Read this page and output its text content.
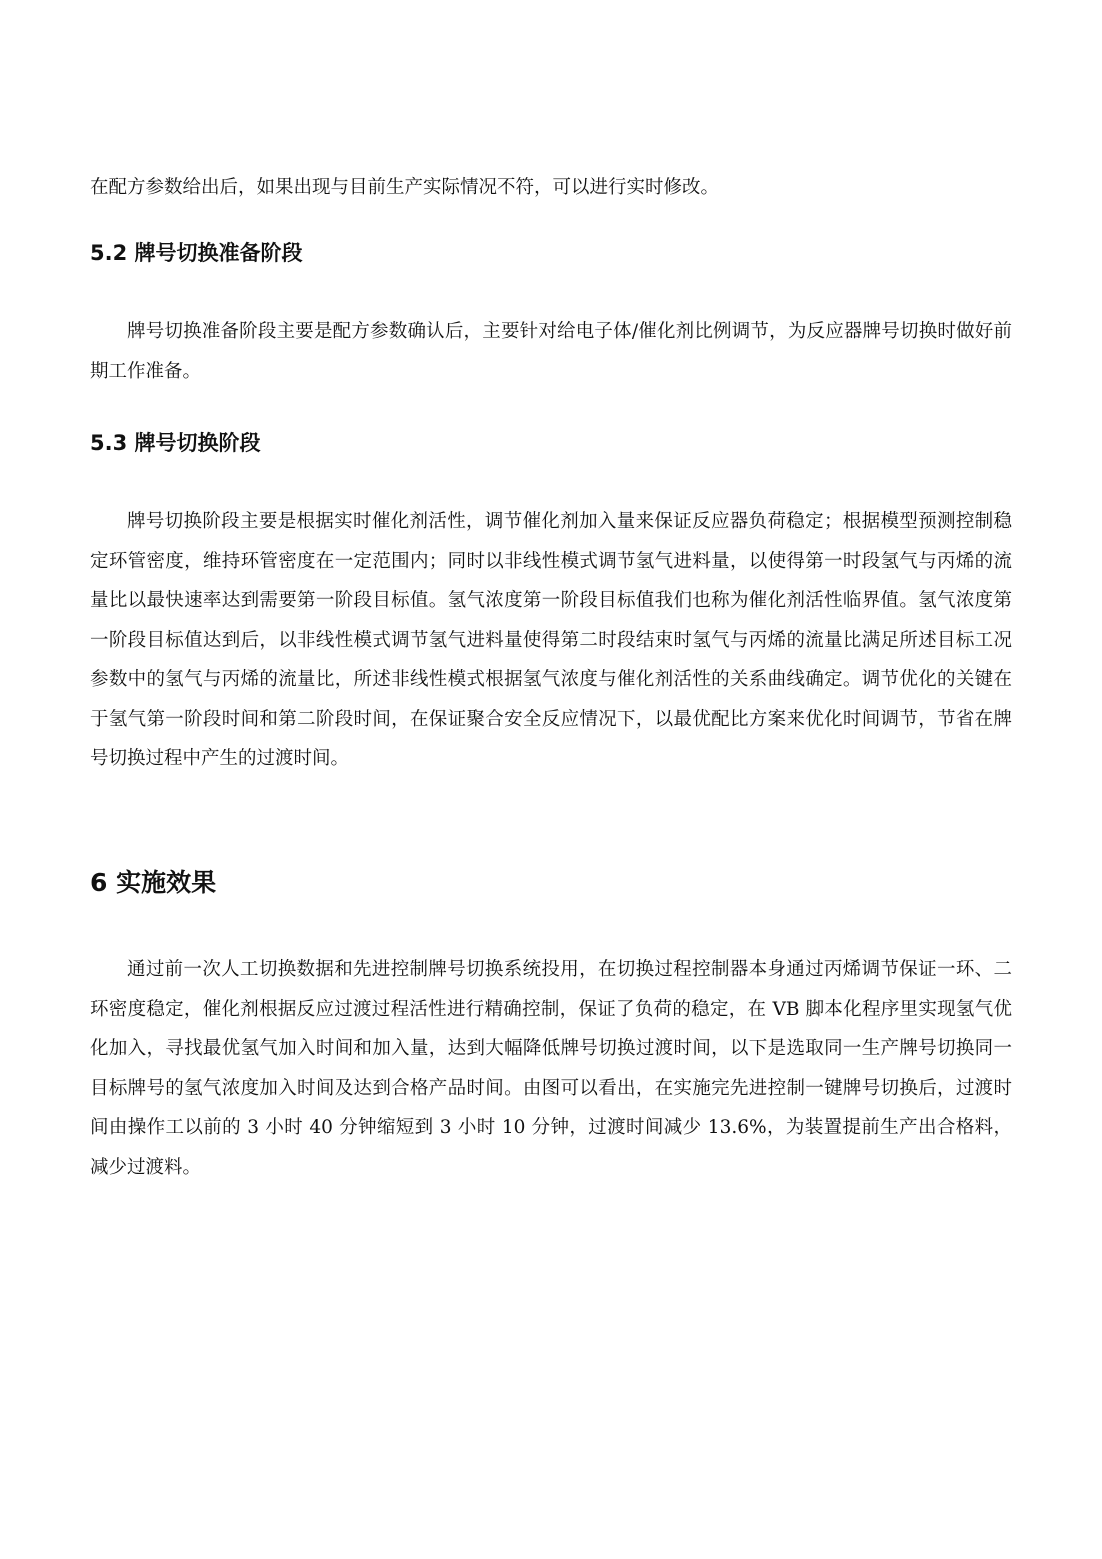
在配方参数给出后，如果出现与目前生产实际情况不符，可以进行实时修改。

5.2 牌号切换准备阶段

牌号切换准备阶段主要是配方参数确认后，主要针对给电子体/催化剂比例调节，为反应器牌号切换时做好前期工作准备。

5.3 牌号切换阶段

牌号切换阶段主要是根据实时催化剂活性，调节催化剂加入量来保证反应器负荷稳定；根据模型预测控制稳定环管密度，维持环管密度在一定范围内；同时以非线性模式调节氢气进料量，以使得第一时段氢气与丙烯的流量比以最快速率达到需要第一阶段目标值。氢气浓度第一阶段目标值我们也称为催化剂活性临界值。氢气浓度第一阶段目标值达到后，以非线性模式调节氢气进料量使得第二时段结束时氢气与丙烯的流量比满足所述目标工况参数中的氢气与丙烯的流量比，所述非线性模式根据氢气浓度与催化剂活性的关系曲线确定。调节优化的关键在于氢气第一阶段时间和第二阶段时间，在保证聚合安全反应情况下，以最优配比方案来优化时间调节，节省在牌号切换过程中产生的过渡时间。

6 实施效果

通过前一次人工切换数据和先进控制牌号切换系统投用，在切换过程控制器本身通过丙烯调节保证一环、二环密度稳定，催化剂根据反应过渡过程活性进行精确控制，保证了负荷的稳定，在 VB 脚本化程序里实现氢气优化加入，寻找最优氢气加入时间和加入量，达到大幅降低牌号切换过渡时间，以下是选取同一生产牌号切换同一目标牌号的氢气浓度加入时间及达到合格产品时间。由图可以看出，在实施完先进控制一键牌号切换后，过渡时间由操作工以前的 3 小时 40 分钟缩短到 3 小时 10 分钟，过渡时间减少 13.6%，为装置提前生产出合格料，减少过渡料。
